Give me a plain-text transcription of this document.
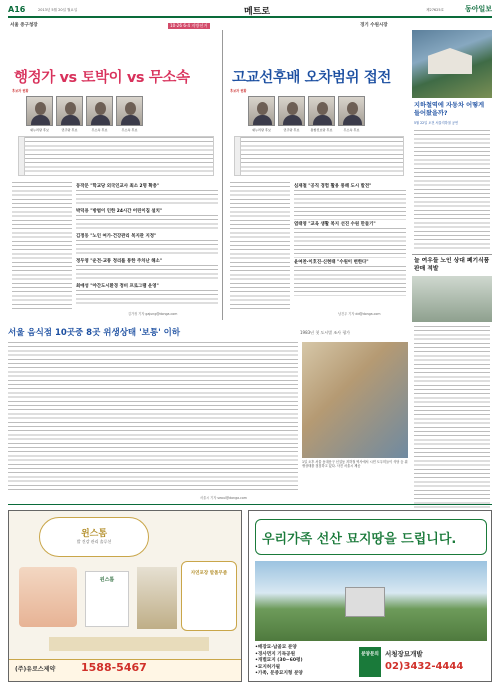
A16	2013년 5월 20일 월요일	메트로	제27625호	동아일보
서울 중구청장	10·26 6·4 지방선거	경기 수원시장
후보자 현황	후보자 현황
행정가 vs 토박이 vs 무소속	고교선후배 오차범위 접전
새누리당 후보	민주당 후보	무소속 후보	무소속 후보	새누리당 후보	민주당 후보	통합진보당 후보	무소속 후보
동작문 "학교당 외국인교사 최소 2명 확충"
박덕용 "방범이 인한 24시간 어린이집 설치"
김정동 "노인 여가·건강관리 복지관 지정"
정두영 "운전·교통 정리를 통한 주차난 해소"
최애성 "야간도시환경 정비 프로그램 운영"
심재철 "공직 경험 활용 통해 도시 발전"
염태영 "교육 생활 복지 선진 수원 만들기"
윤여찬·이호진·신현태 "수원이 변한다"
김가정 기자 gajung@donga.com	남건우 기자 dd@donga.com
지하철역에 자동차 어떻게 들어왔을까?
5월 22일 오전 서울지하철 공연
늘 여우들 노인 상대 폐기식품 판매 적발
서울 음식점 10곳중 8곳 위생상태 '보통' 이하	1983년 첫 도시별 조사 평가
1일 오후 서울 동대문구 신설동 지하철 역사에서 시민 도우미들이 식당 등 위생상태를 점검하고 있다. 사진 서울시 제공
서울시 기자 seoul@donga.com
윈스톰
발 건강 관리 솔루션
윈스톰
자연포장 발톱무좀
(주)유로스제약 1588-5467
우리가족 선산 묘지땅을 드립니다.
•매장묘·납골묘 분양
•경사면지 기독공원
•개별묘지 (30~60평)
•묘지허가필
•가족, 문중묘지형 분양
분양문의 서청장묘개발
02)3432-4444
